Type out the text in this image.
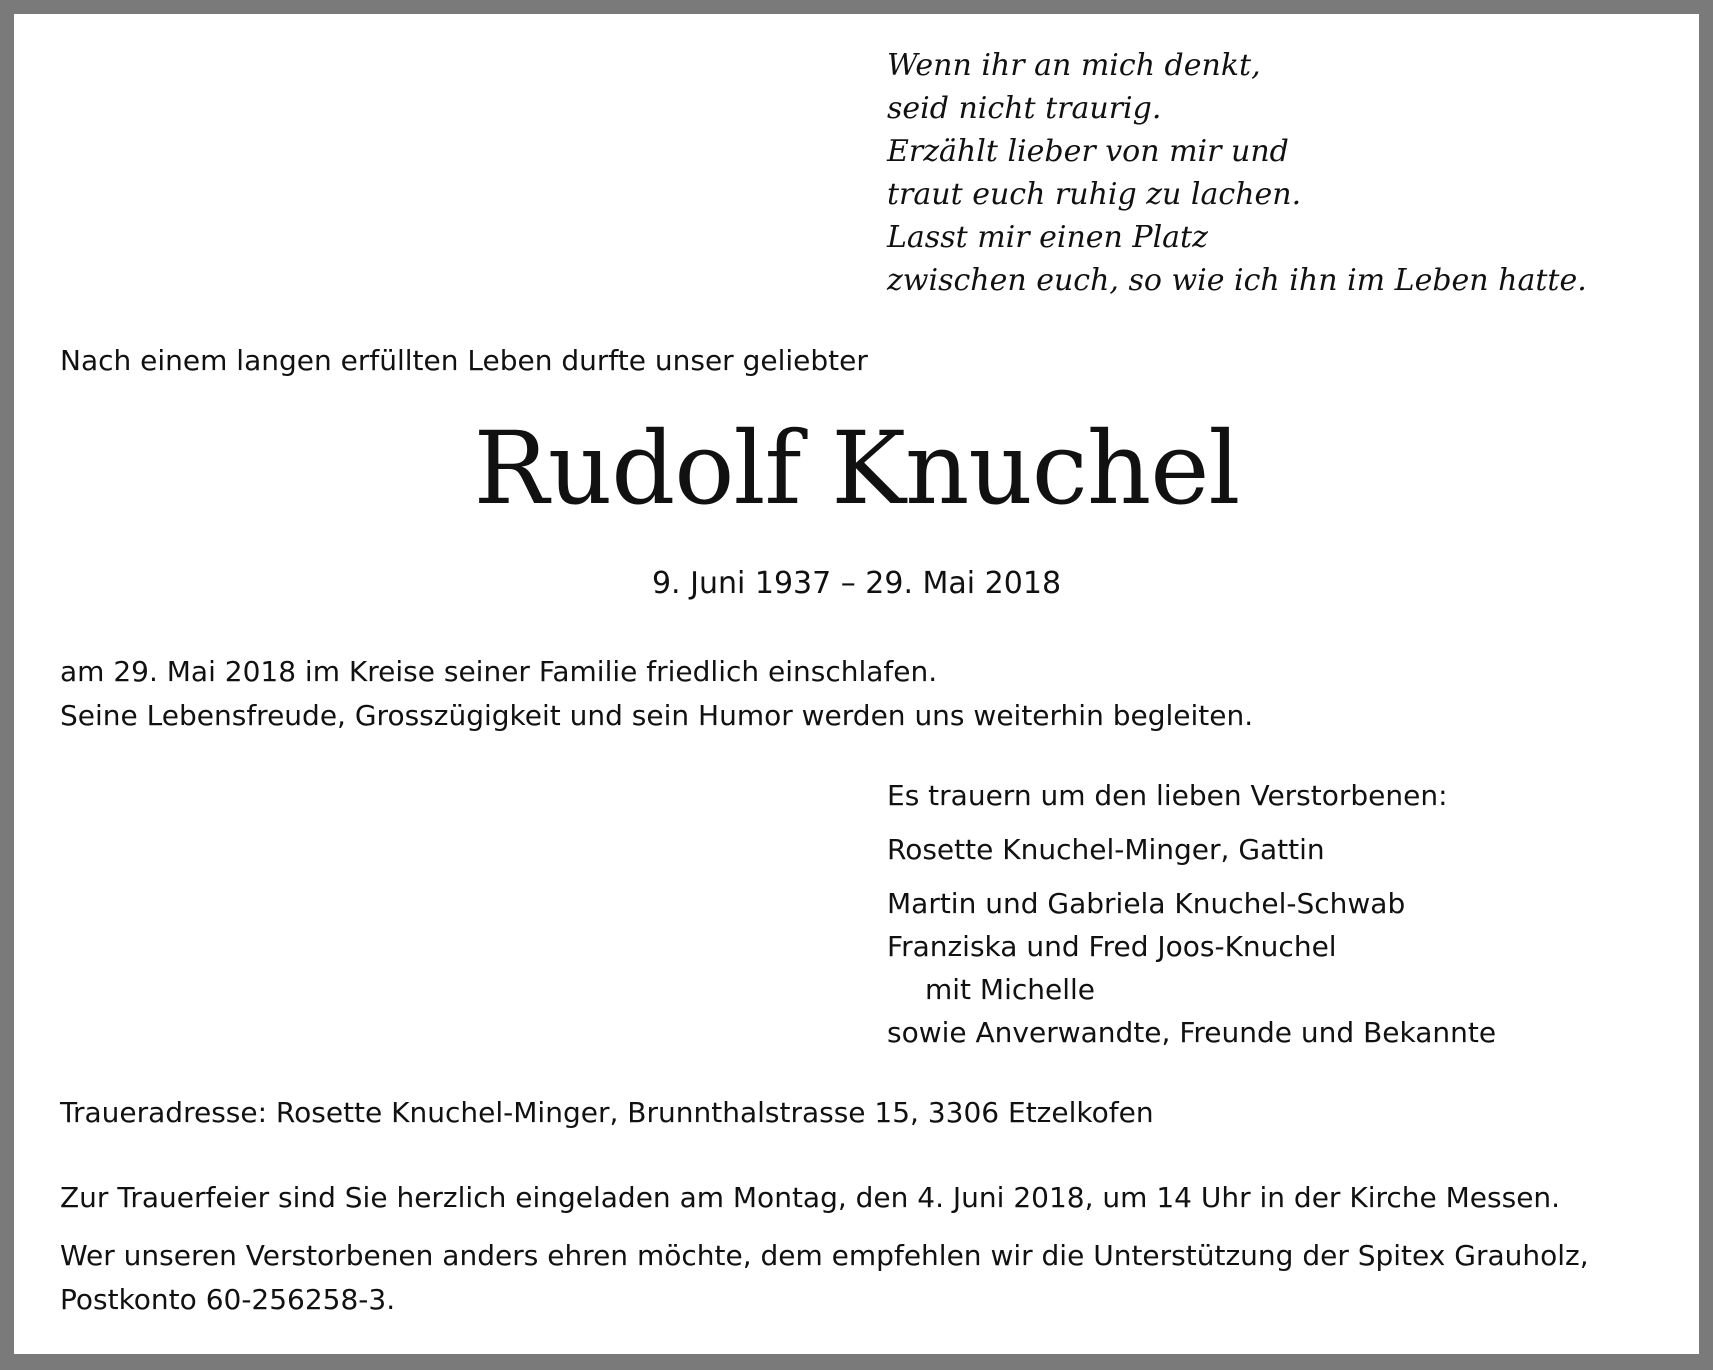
Wenn ihr an mich denkt,
seid nicht traurig.
Erzählt lieber von mir und
traut euch ruhig zu lachen.
Lasst mir einen Platz
zwischen euch, so wie ich ihn im Leben hatte.
Nach einem langen erfüllten Leben durfte unser geliebter
Rudolf Knuchel
9. Juni 1937 – 29. Mai 2018
am 29. Mai 2018 im Kreise seiner Familie friedlich einschlafen.
Seine Lebensfreude, Grosszügigkeit und sein Humor werden uns weiterhin begleiten.
Es trauern um den lieben Verstorbenen:
Rosette Knuchel-Minger, Gattin
Martin und Gabriela Knuchel-Schwab
Franziska und Fred Joos-Knuchel
mit Michelle
sowie Anverwandte, Freunde und Bekannte
Traueradresse: Rosette Knuchel-Minger, Brunnthalstrasse 15, 3306 Etzelkofen
Zur Trauerfeier sind Sie herzlich eingeladen am Montag, den 4. Juni 2018, um 14 Uhr in der Kirche Messen.
Wer unseren Verstorbenen anders ehren möchte, dem empfehlen wir die Unterstützung der Spitex Grauholz,
Postkonto 60-256258-3.
